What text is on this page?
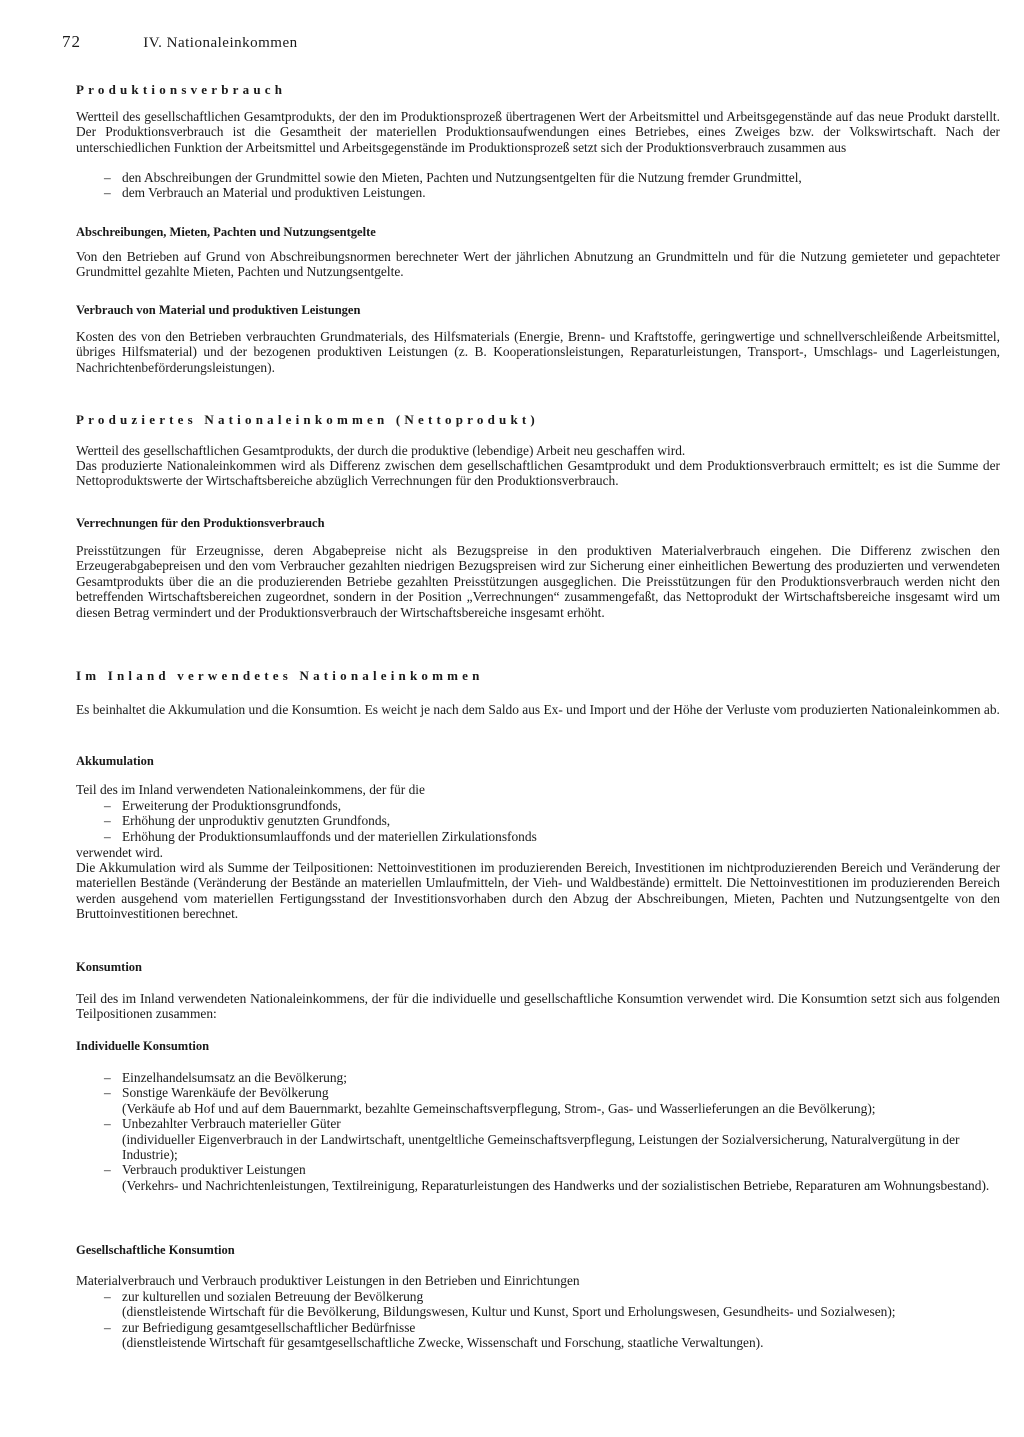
72	IV. Nationaleinkommen
Produktionsverbrauch

Wertteil des gesellschaftlichen Gesamtprodukts, der den im Produktionsprozeß übertragenen Wert der Arbeitsmittel und Arbeitsgegenstände auf das neue Produkt darstellt. Der Produktionsverbrauch ist die Gesamtheit der materiellen Produktionsaufwendungen eines Betriebes, eines Zweiges bzw. der Volkswirtschaft. Nach der unterschiedlichen Funktion der Arbeitsmittel und Arbeitsgegenstände im Produktionsprozeß setzt sich der Produktionsverbrauch zusammen aus

– den Abschreibungen der Grundmittel sowie den Mieten, Pachten und Nutzungsentgelten für die Nutzung fremder Grundmittel,
– dem Verbrauch an Material und produktiven Leistungen.
Abschreibungen, Mieten, Pachten und Nutzungsentgelte

Von den Betrieben auf Grund von Abschreibungsnormen berechneter Wert der jährlichen Abnutzung an Grundmitteln und für die Nutzung gemieteter und gepachteter Grundmittel gezahlte Mieten, Pachten und Nutzungsentgelte.

Verbrauch von Material und produktiven Leistungen

Kosten des von den Betrieben verbrauchten Grundmaterials, des Hilfsmaterials (Energie, Brenn- und Kraftstoffe, geringwertige und schnellverschleißende Arbeitsmittel, übriges Hilfsmaterial) und der bezogenen produktiven Leistungen (z. B. Kooperationsleistungen, Reparaturleistungen, Transport-, Umschlags- und Lagerleistungen, Nachrichtenbeförderungsleistungen).

Produziertes Nationaleinkommen (Nettoprodukt)

Wertteil des gesellschaftlichen Gesamtprodukts, der durch die produktive (lebendige) Arbeit neu geschaffen wird.

Das produzierte Nationaleinkommen wird als Differenz zwischen dem gesellschaftlichen Gesamtprodukt und dem Produktionsverbrauch ermittelt; es ist die Summe der Nettoproduktswerte der Wirtschaftsbereiche abzüglich Verrechnungen für den Produktionsverbrauch.

Verrechnungen für den Produktionsverbrauch

Preisstützungen für Erzeugnisse, deren Abgabepreise nicht als Bezugspreise in den produktiven Materialverbrauch eingehen. Die Differenz zwischen den Erzeugerabgabepreisen und den vom Verbraucher gezahlten niedrigen Bezugspreisen wird zur Sicherung einer einheitlichen Bewertung des produzierten und verwendeten Gesamtprodukts über die an die produzierenden Betriebe gezahlten Preisstützungen ausgeglichen. Die Preisstützungen für den Produktionsverbrauch werden nicht den betreffenden Wirtschaftsbereichen zugeordnet, sondern in der Position „Verrechnungen“ zusammengefaßt, das Nettoprodukt der Wirtschaftsbereiche insgesamt wird um diesen Betrag vermindert und der Produktionsverbrauch der Wirtschaftsbereiche insgesamt erhöht.

Im Inland verwendetes Nationaleinkommen

Es beinhaltet die Akkumulation und die Konsumtion. Es weicht je nach dem Saldo aus Ex- und Import und der Höhe der Verluste vom produzierten Nationaleinkommen ab.

Akkumulation

Teil des im Inland verwendeten Nationaleinkommens, der für die

– Erweiterung der Produktionsgrundfonds,
– Erhöhung der unproduktiv genutzten Grundfonds,
– Erhöhung der Produktionsumlauffonds und der materiellen Zirkulationsfonds

verwendet wird.

Die Akkumulation wird als Summe der Teilpositionen: Nettoinvestitionen im produzierenden Bereich, Investitionen im nichtproduzierenden Bereich und Veränderung der materiellen Bestände (Veränderung der Bestände an materiellen Umlaufmitteln, der Vieh- und Waldbestände) ermittelt. Die Nettoinvestitionen im produzierenden Bereich werden ausgehend vom materiellen Fertigungsstand der Investitionsvorhaben durch den Abzug der Abschreibungen, Mieten, Pachten und Nutzungsentgelte von den Bruttoinvestitionen berechnet.

Konsumtion

Teil des im Inland verwendeten Nationaleinkommens, der für die individuelle und gesellschaftliche Konsumtion verwendet wird. Die Konsumtion setzt sich aus folgenden Teilpositionen zusammen:

Individuelle Konsumtion
– Einzelhandelsumsatz an die Bevölkerung;
– Sonstige Warenkäufe der Bevölkerung
(Verkäufe ab Hof und auf dem Bauernmarkt, bezahlte Gemeinschaftsverpflegung, Strom-, Gas- und Wasserlieferungen an die Bevölkerung);
– Unbezahlter Verbrauch materieller Güter
(individueller Eigenverbrauch in der Landwirtschaft, unentgeltliche Gemeinschaftsverpflegung, Leistungen der Sozialversicherung, Naturalvergütung in der Industrie);
– Verbrauch produktiver Leistungen
(Verkehrs- und Nachrichtenleistungen, Textilreinigung, Reparaturleistungen des Handwerks und der sozialistischen Betriebe, Reparaturen am Wohnungsbestand).
Gesellschaftliche Konsumtion

Materialverbrauch und Verbrauch produktiver Leistungen in den Betrieben und Einrichtungen

– zur kulturellen und sozialen Betreuung der Bevölkerung
(dienstleistende Wirtschaft für die Bevölkerung, Bildungswesen, Kultur und Kunst, Sport und Erholungswesen, Gesundheits- und Sozialwesen);
– zur Befriedigung gesamtgesellschaftlicher Bedürfnisse
(dienstleistende Wirtschaft für gesamtgesellschaftliche Zwecke, Wissenschaft und Forschung, staatliche Verwaltungen).
